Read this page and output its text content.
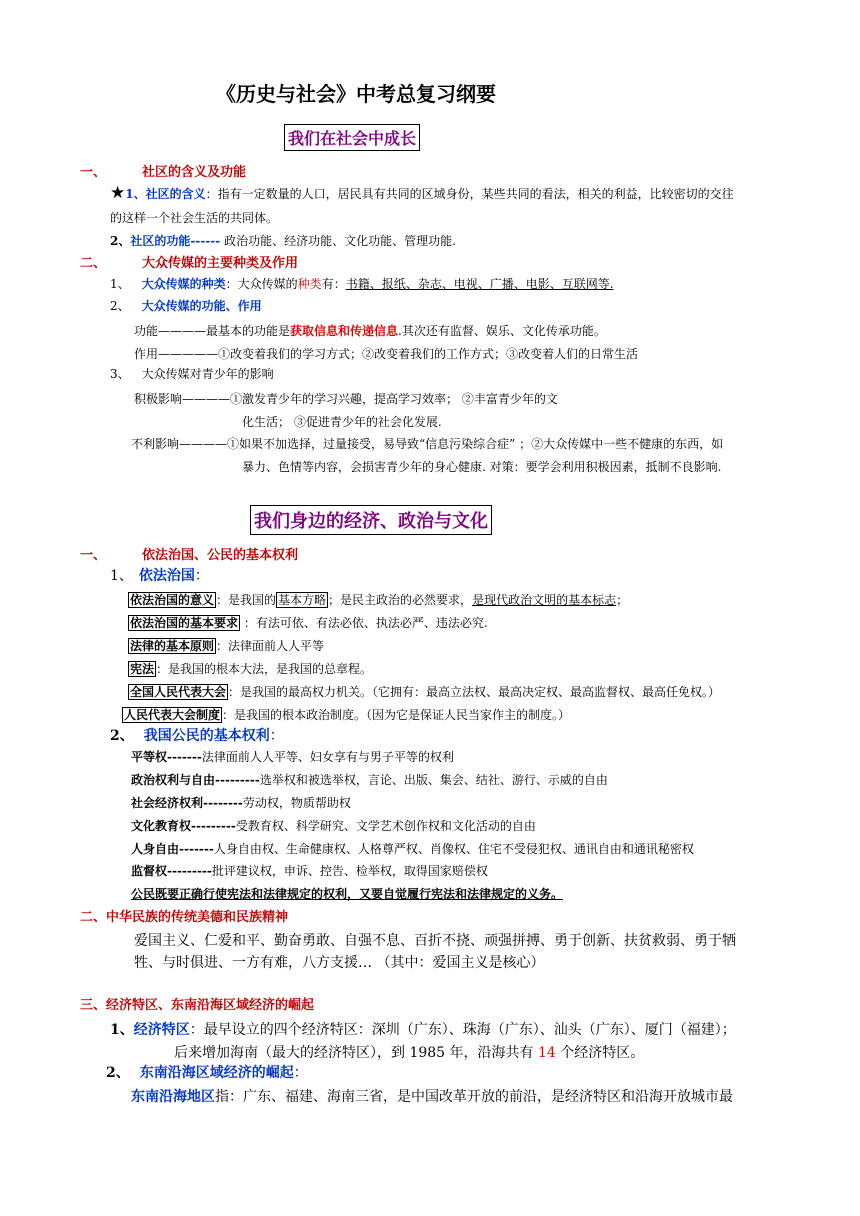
《历史与社会》中考总复习纲要
我们在社会中成长
一、	社区的含义及功能
★1、社区的含义：指有一定数量的人口，居民具有共同的区域身份，某些共同的看法，相关的利益，比较密切的交往
的这样一个社会生活的共同体。
2、社区的功能------ 政治功能、经济功能、文化功能、管理功能.
二、	大众传媒的主要种类及作用
1、 大众传媒的种类：大众传媒的种类有：书籍、报纸、杂志、电视、广播、电影、互联网等.
2、 大众传媒的功能、作用
功能————最基本的功能是获取信息和传递信息.其次还有监督、娱乐、文化传承功能。
作用—————①改变着我们的学习方式；②改变着我们的工作方式；③改变着人们的日常生活
3、 大众传媒对青少年的影响
积极影响————①激发青少年的学习兴趣，提高学习效率； ②丰富青少年的文
化生活； ③促进青少年的社会化发展.
不利影响————①如果不加选择，过量接受，易导致“信息污染综合症” ；②大众传媒中一些不健康的东西，如
暴力、色情等内容，会损害青少年的身心健康. 对策：要学会利用积极因素，抵制不良影响.
我们身边的经济、政治与文化
一、	依法治国、公民的基本权利
1、 依法治国：
依法治国的意义 ：是我国的 基本方略 ；是民主政治的必然要求，是现代政治文明的基本标志；
依法治国的基本要求 ：有法可依、有法必依、执法必严、违法必究.
法律的基本原则 ：法律面前人人平等
宪法 ：是我国的根本大法，是我国的总章程。
全国人民代表大会 ：是我国的最高权力机关。（它拥有：最高立法权、最高决定权、最高监督权、最高任免权。）
人民代表大会制度 ：是我国的根本政治制度。（因为它是保证人民当家作主的制度。）
2、 我国公民的基本权利：
平等权-------法律面前人人平等、妇女享有与男子平等的权利
政治权利与自由---------选举权和被选举权，言论、出版、集会、结社、游行、示威的自由
社会经济权利--------劳动权，物质帮助权
文化教育权---------受教育权、科学研究、文学艺术创作权和文化活动的自由
人身自由-------人身自由权、生命健康权、人格尊严权、肖像权、住宅不受侵犯权、通讯自由和通讯秘密权
监督权---------批评建议权，申诉、控告、检举权，取得国家赔偿权
公民既要正确行使宪法和法律规定的权利，又要自觉履行宪法和法律规定的义务。
二、中华民族的传统美德和民族精神
爱国主义、仁爱和平、勤奋勇敢、自强不息、百折不挠、顽强拼搏、勇于创新、扶贫救弱、勇于牺
牲、与时俱进、一方有难，八方支援… （其中：爱国主义是核心）
三、经济特区、东南沿海区域经济的崛起
1、经济特区：最早设立的四个经济特区：深圳（广东）、珠海（广东）、汕头（广东）、厦门（福建）；
后来增加海南（最大的经济特区），到 1985 年，沿海共有 14 个经济特区。
2、 东南沿海区域经济的崛起：
东南沿海地区指：广东、福建、海南三省，是中国改革开放的前沿，是经济特区和沿海开放城市最
